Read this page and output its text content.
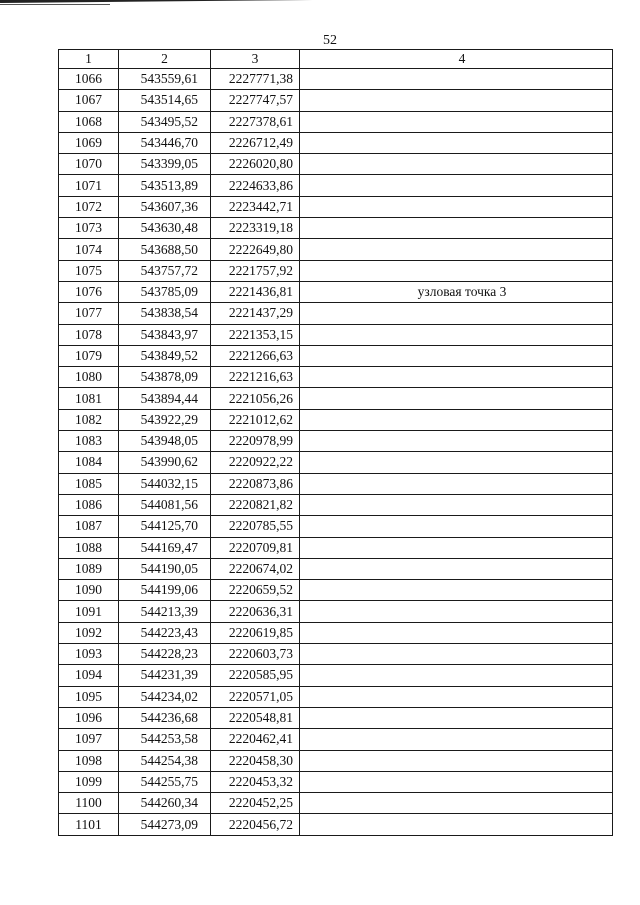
52
1	2	3	4
1066	543559,61	2227771,38	
1067	543514,65	2227747,57	
1068	543495,52	2227378,61	
1069	543446,70	2226712,49	
1070	543399,05	2226020,80	
1071	543513,89	2224633,86	
1072	543607,36	2223442,71	
1073	543630,48	2223319,18	
1074	543688,50	2222649,80	
1075	543757,72	2221757,92	
1076	543785,09	2221436,81	узловая точка 3
1077	543838,54	2221437,29	
1078	543843,97	2221353,15	
1079	543849,52	2221266,63	
1080	543878,09	2221216,63	
1081	543894,44	2221056,26	
1082	543922,29	2221012,62	
1083	543948,05	2220978,99	
1084	543990,62	2220922,22	
1085	544032,15	2220873,86	
1086	544081,56	2220821,82	
1087	544125,70	2220785,55	
1088	544169,47	2220709,81	
1089	544190,05	2220674,02	
1090	544199,06	2220659,52	
1091	544213,39	2220636,31	
1092	544223,43	2220619,85	
1093	544228,23	2220603,73	
1094	544231,39	2220585,95	
1095	544234,02	2220571,05	
1096	544236,68	2220548,81	
1097	544253,58	2220462,41	
1098	544254,38	2220458,30	
1099	544255,75	2220453,32	
1100	544260,34	2220452,25	
1101	544273,09	2220456,72	
